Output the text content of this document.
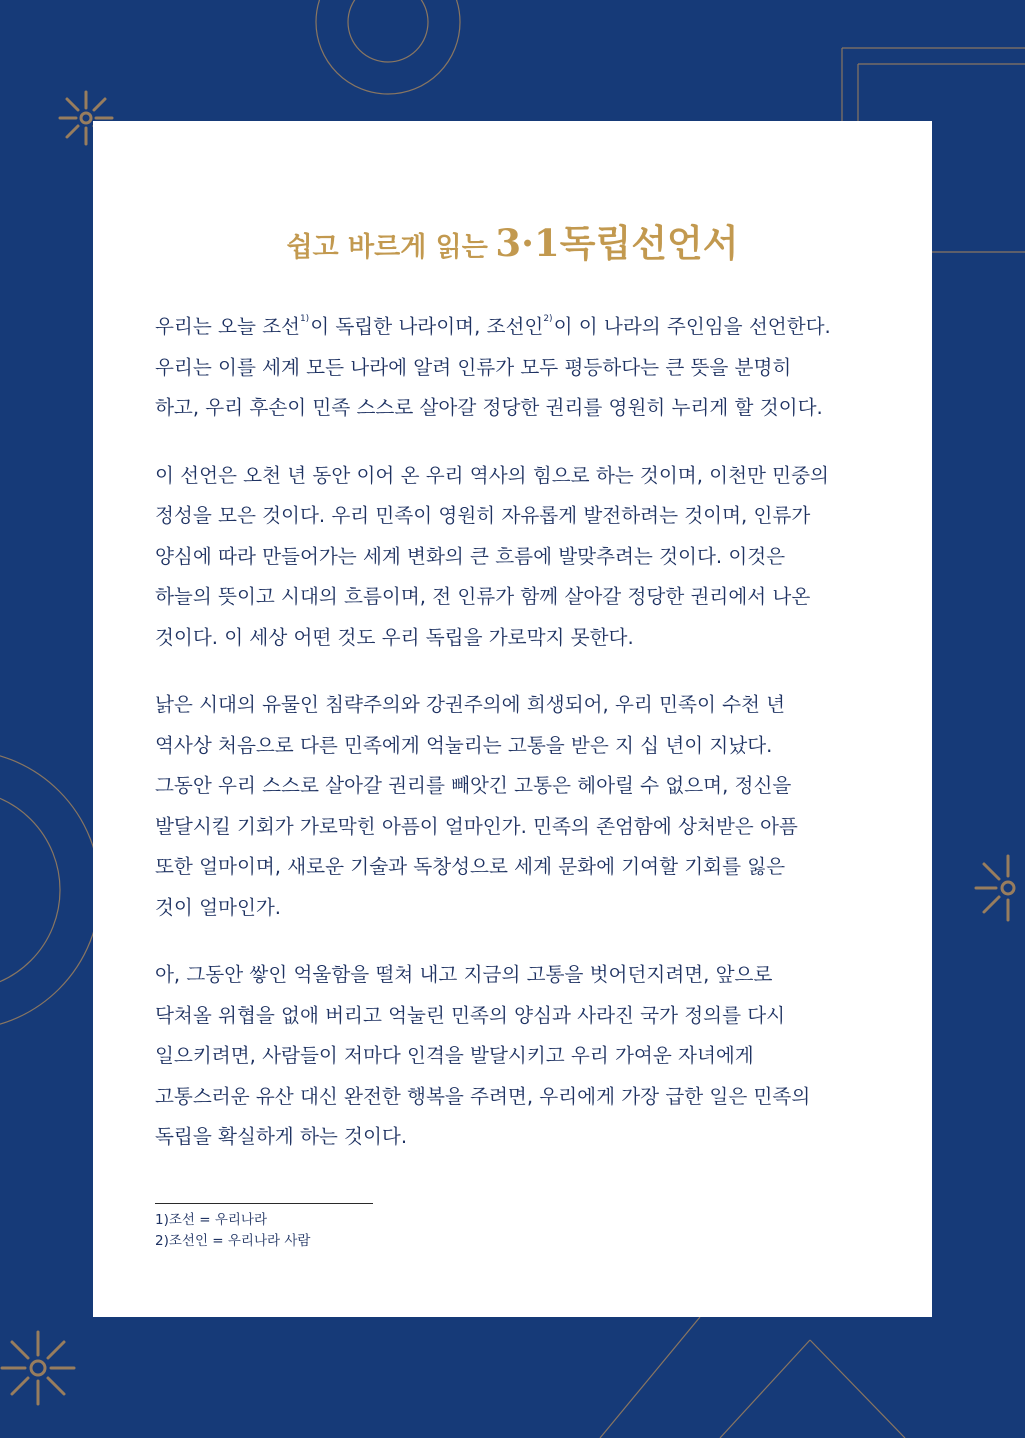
쉽고 바르게 읽는 3·1독립선언서

우리는 오늘 조선$^{1)}$이 독립한 나라이며, 조선인$^{2)}$이 이 나라의 주인임을 선언한다.
우리는 이를 세계 모든 나라에 알려 인류가 모두 평등하다는 큰 뜻을 분명히
하고, 우리 후손이 민족 스스로 살아갈 정당한 권리를 영원히 누리게 할 것이다.

이 선언은 오천 년 동안 이어 온 우리 역사의 힘으로 하는 것이며, 이천만 민중의
정성을 모은 것이다. 우리 민족이 영원히 자유롭게 발전하려는 것이며, 인류가
양심에 따라 만들어가는 세계 변화의 큰 흐름에 발맞추려는 것이다. 이것은
하늘의 뜻이고 시대의 흐름이며, 전 인류가 함께 살아갈 정당한 권리에서 나온
것이다. 이 세상 어떤 것도 우리 독립을 가로막지 못한다.

낡은 시대의 유물인 침략주의와 강권주의에 희생되어, 우리 민족이 수천 년
역사상 처음으로 다른 민족에게 억눌리는 고통을 받은 지 십 년이 지났다.
그동안 우리 스스로 살아갈 권리를 빼앗긴 고통은 헤아릴 수 없으며, 정신을
발달시킬 기회가 가로막힌 아픔이 얼마인가. 민족의 존엄함에 상처받은 아픔
또한 얼마이며, 새로운 기술과 독창성으로 세계 문화에 기여할 기회를 잃은
것이 얼마인가.

아, 그동안 쌓인 억울함을 떨쳐 내고 지금의 고통을 벗어던지려면, 앞으로
닥쳐올 위협을 없애 버리고 억눌린 민족의 양심과 사라진 국가 정의를 다시
일으키려면, 사람들이 저마다 인격을 발달시키고 우리 가여운 자녀에게
고통스러운 유산 대신 완전한 행복을 주려면, 우리에게 가장 급한 일은 민족의
독립을 확실하게 하는 것이다.

1)조선 = 우리나라
2)조선인 = 우리나라 사람
